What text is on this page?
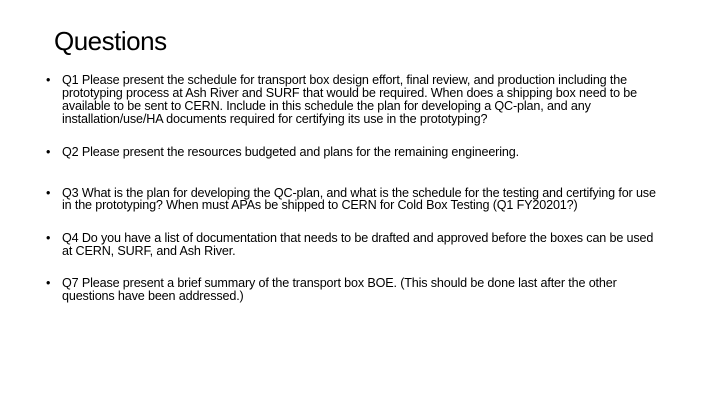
Questions
• Q1 Please present the schedule for transport box design effort, final review, and production including the prototyping process at Ash River and SURF that would be required. When does a shipping box need to be available to be sent to CERN. Include in this schedule the plan for developing a QC-plan, and any installation/use/HA documents required for certifying its use in the prototyping?
• Q2 Please present the resources budgeted and plans for the remaining engineering.
• Q3 What is the plan for developing the QC-plan, and what is the schedule for the testing and certifying for use in the prototyping? When must APAs be shipped to CERN for Cold Box Testing (Q1 FY20201?)
• Q4 Do you have a list of documentation that needs to be drafted and approved before the boxes can be used at CERN, SURF, and Ash River.
• Q7 Please present a brief summary of the transport box BOE. (This should be done last after the other questions have been addressed.)
